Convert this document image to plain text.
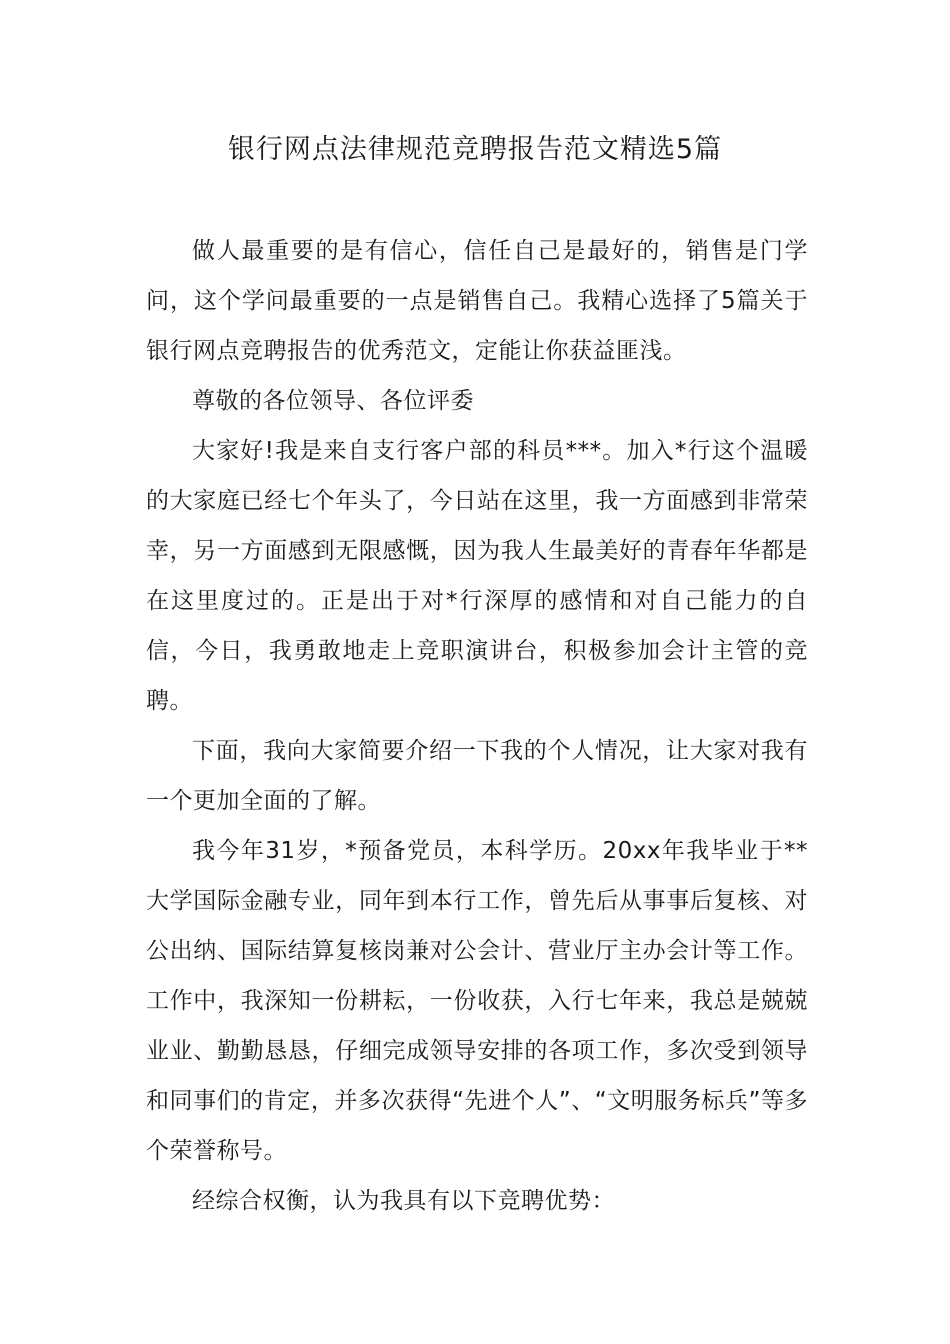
银行网点法律规范竞聘报告范文精选5篇

做人最重要的是有信心，信任自己是最好的，销售是门学问，这个学问最重要的一点是销售自己。我精心选择了5篇关于银行网点竞聘报告的优秀范文，定能让你获益匪浅。

尊敬的各位领导、各位评委

大家好!我是来自支行客户部的科员***。加入*行这个温暖的大家庭已经七个年头了，今日站在这里，我一方面感到非常荣幸，另一方面感到无限感慨，因为我人生最美好的青春年华都是在这里度过的。正是出于对*行深厚的感情和对自己能力的自信，今日，我勇敢地走上竞职演讲台，积极参加会计主管的竞聘。

下面，我向大家简要介绍一下我的个人情况，让大家对我有一个更加全面的了解。

我今年31岁，*预备党员，本科学历。20xx年我毕业于**大学国际金融专业，同年到本行工作，曾先后从事事后复核、对公出纳、国际结算复核岗兼对公会计、营业厅主办会计等工作。工作中，我深知一份耕耘，一份收获，入行七年来，我总是兢兢业业、勤勤恳恳，仔细完成领导安排的各项工作，多次受到领导和同事们的肯定，并多次获得“先进个人”、“文明服务标兵”等多个荣誉称号。

经综合权衡，认为我具有以下竞聘优势：
